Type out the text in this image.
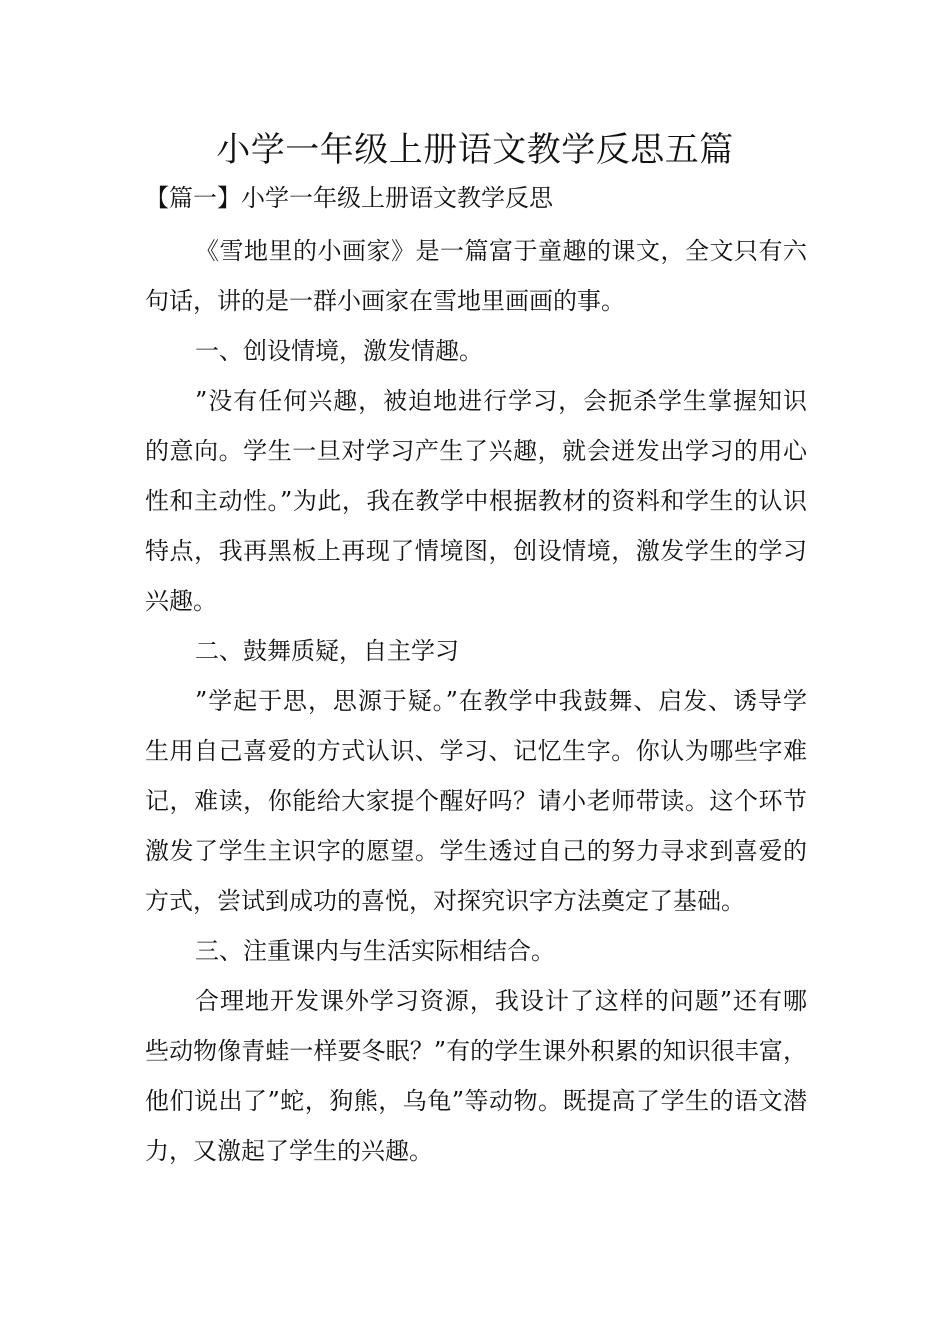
小学一年级上册语文教学反思五篇
【篇一】小学一年级上册语文教学反思

《雪地里的小画家》是一篇富于童趣的课文，全文只有六句话，讲的是一群小画家在雪地里画画的事。

一、创设情境，激发情趣。

”没有任何兴趣，被迫地进行学习，会扼杀学生掌握知识的意向。学生一旦对学习产生了兴趣，就会迸发出学习的用心性和主动性。”为此，我在教学中根据教材的资料和学生的认识特点，我再黑板上再现了情境图，创设情境，激发学生的学习兴趣。

二、鼓舞质疑，自主学习

”学起于思，思源于疑。”在教学中我鼓舞、启发、诱导学生用自己喜爱的方式认识、学习、记忆生字。你认为哪些字难记，难读，你能给大家提个醒好吗？请小老师带读。这个环节激发了学生主识字的愿望。学生透过自己的努力寻求到喜爱的方式，尝试到成功的喜悦，对探究识字方法奠定了基础。

三、注重课内与生活实际相结合。

合理地开发课外学习资源，我设计了这样的问题”还有哪些动物像青蛙一样要冬眠？”有的学生课外积累的知识很丰富，他们说出了”蛇，狗熊，乌龟”等动物。既提高了学生的语文潜力，又激起了学生的兴趣。
